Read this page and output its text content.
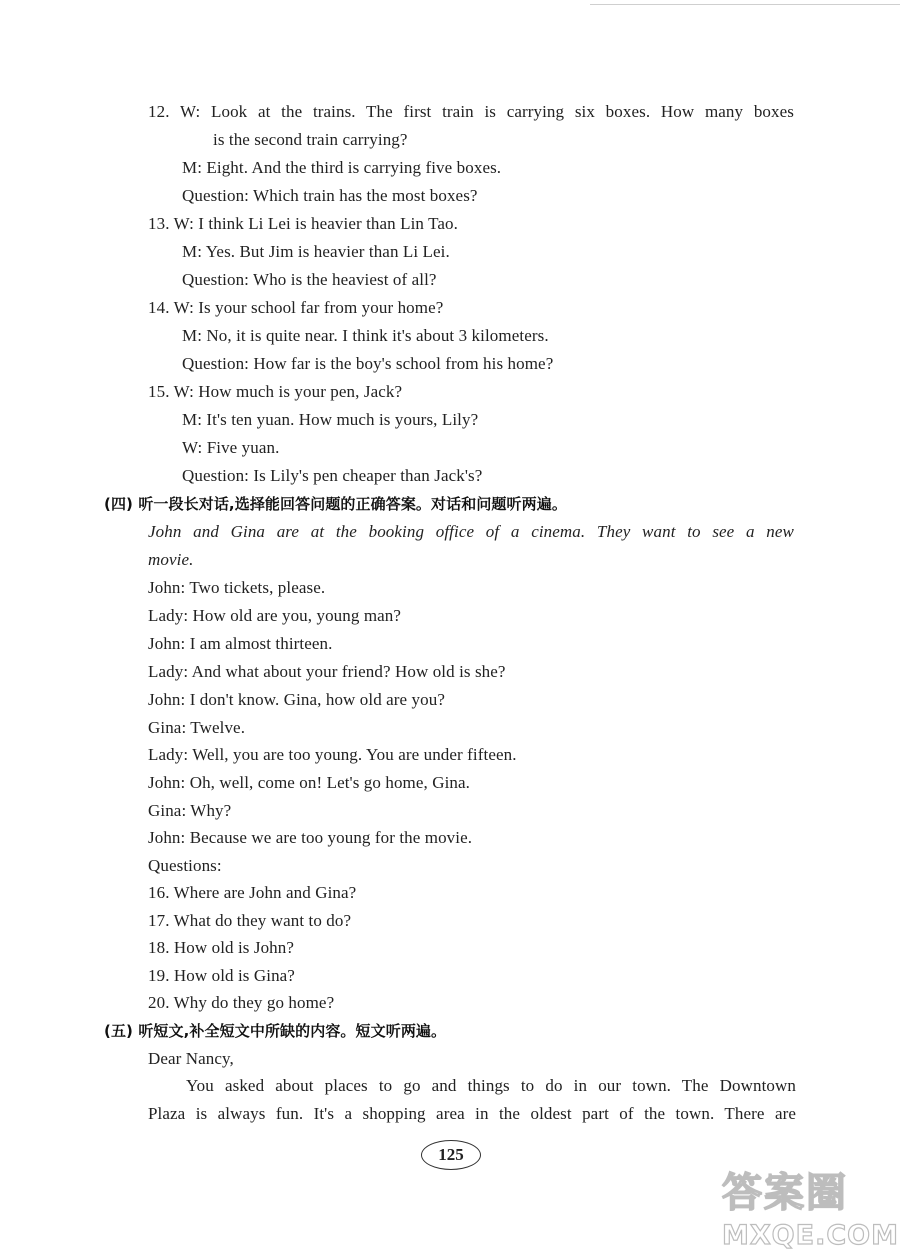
12. W: Look at the trains. The first train is carrying six boxes. How many boxes
is the second train carrying?
M: Eight. And the third is carrying five boxes.
Question: Which train has the most boxes?
13. W: I think Li Lei is heavier than Lin Tao.
M: Yes. But Jim is heavier than Li Lei.
Question: Who is the heaviest of all?
14. W: Is your school far from your home?
M: No, it is quite near. I think it's about 3 kilometers.
Question: How far is the boy's school from his home?
15. W: How much is your pen, Jack?
M: It's ten yuan. How much is yours, Lily?
W: Five yuan.
Question: Is Lily's pen cheaper than Jack's?
(四) 听一段长对话,选择能回答问题的正确答案。对话和问题听两遍。
John and Gina are at the booking office of a cinema. They want to see a new
movie.
John: Two tickets, please.
Lady: How old are you, young man?
John: I am almost thirteen.
Lady: And what about your friend? How old is she?
John: I don't know. Gina, how old are you?
Gina: Twelve.
Lady: Well, you are too young. You are under fifteen.
John: Oh, well, come on! Let's go home, Gina.
Gina: Why?
John: Because we are too young for the movie.
Questions:
16. Where are John and Gina?
17. What do they want to do?
18. How old is John?
19. How old is Gina?
20. Why do they go home?
(五) 听短文,补全短文中所缺的内容。短文听两遍。
Dear Nancy,
You asked about places to go and things to do in our town. The Downtown
Plaza is always fun. It's a shopping area in the oldest part of the town. There are
125
答案圈
MXQE.COM
